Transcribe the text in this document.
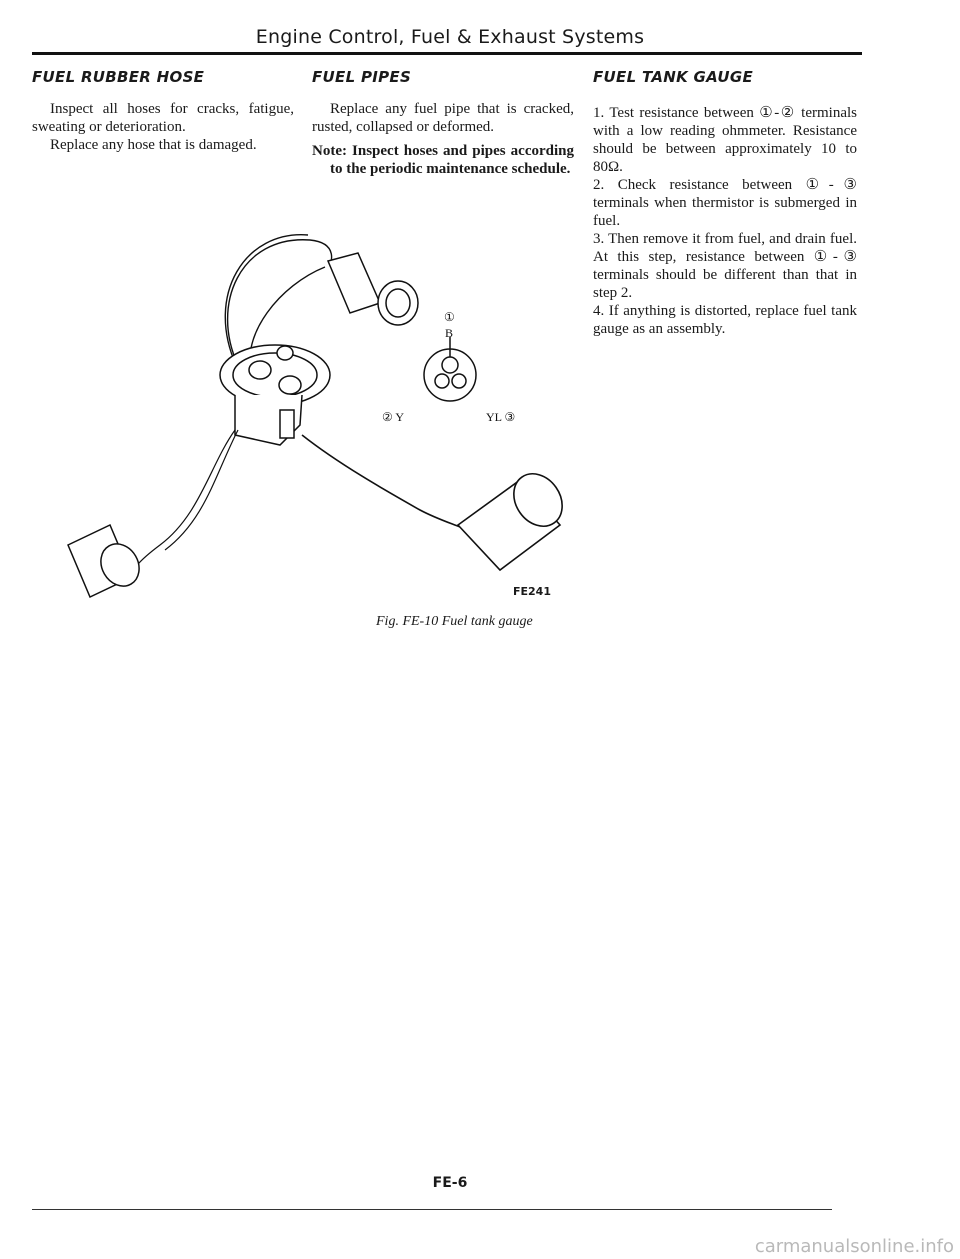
Engine Control, Fuel & Exhaust Systems
FUEL RUBBER HOSE

Inspect all hoses for cracks, fatigue, sweating or deterioration.

Replace any hose that is damaged.

FUEL PIPES

Replace any fuel pipe that is cracked, rusted, collapsed or deformed.

Note: Inspect hoses and pipes according to the periodic maintenance schedule.

FUEL TANK GAUGE

1. Test resistance between ①-② terminals with a low reading ohmmeter. Resistance should be between approximately 10 to 80Ω.

2. Check resistance between ①-③ terminals when thermistor is submerged in fuel.

3. Then remove it from fuel, and drain fuel. At this step, resistance between ①-③ terminals should be different than that in step 2.

4. If anything is distorted, replace fuel tank gauge as an assembly.

①
B
② Y	YL ③
FE241
Fig. FE-10 Fuel tank gauge
FE-6
carmanualsonline.info
